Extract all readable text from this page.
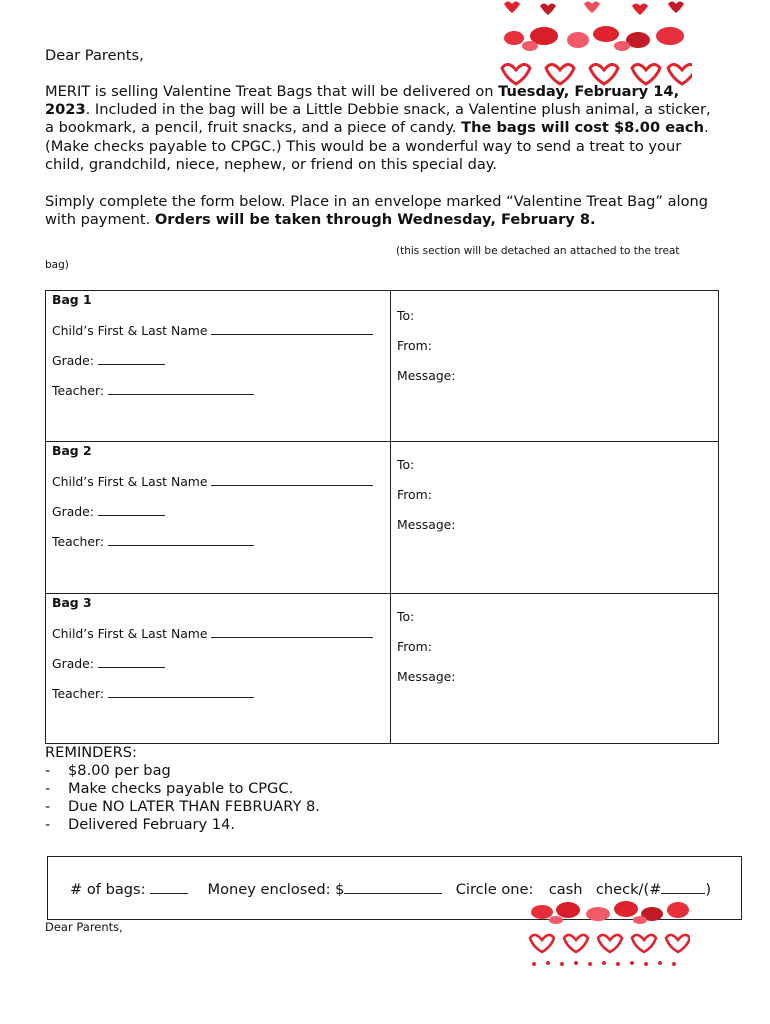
Dear Parents,

MERIT is selling Valentine Treat Bags that will be delivered on Tuesday, February 14, 2023. Included in the bag will be a Little Debbie snack, a Valentine plush animal, a sticker, a bookmark, a pencil, fruit snacks, and a piece of candy. The bags will cost $8.00 each. (Make checks payable to CPGC.) This would be a wonderful way to send a treat to your child, grandchild, niece, nephew, or friend on this special day.

Simply complete the form below. Place in an envelope marked “Valentine Treat Bag” along with payment. Orders will be taken through Wednesday, February 8.

(this section will be detached an attached to the treat
bag)
Bag 1
Child’s First & Last Name
Grade:
Teacher:
To:
From:
Message:
Bag 2
Child’s First & Last Name
Grade:
Teacher:
To:
From:
Message:
Bag 3
Child’s First & Last Name
Grade:
Teacher:
To:
From:
Message:
REMINDERS:
- $8.00 per bag
- Make checks payable to CPGC.
- Due NO LATER THAN FEBRUARY 8.
- Delivered February 14.
# of bags:	Money enclosed: $	Circle one: cash check/(#	)
Dear Parents,
